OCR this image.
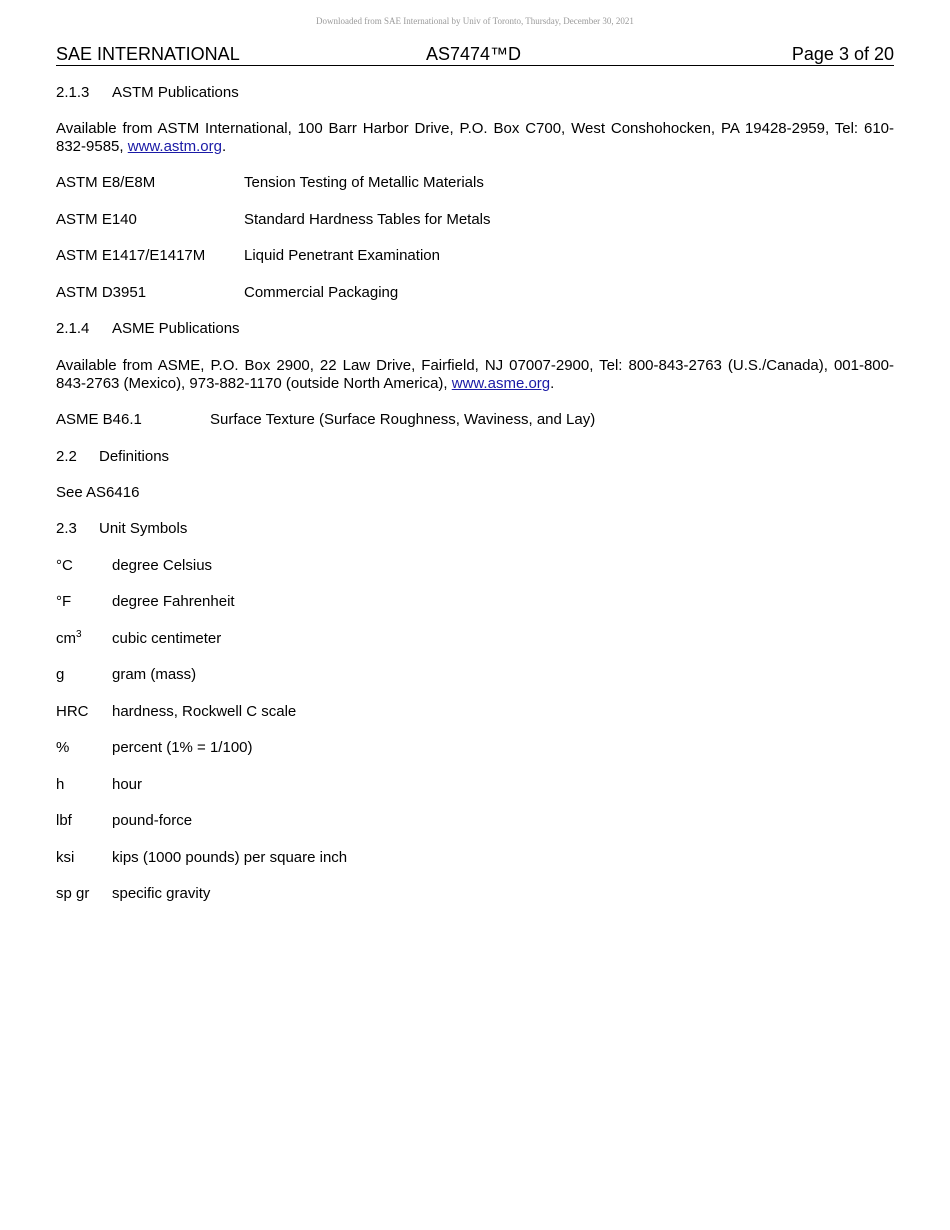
Downloaded from SAE International by Univ of Toronto, Thursday, December 30, 2021
SAE INTERNATIONAL	AS7474™D	Page 3 of 20
2.1.3 ASTM Publications
Available from ASTM International, 100 Barr Harbor Drive, P.O. Box C700, West Conshohocken, PA 19428-2959, Tel: 610-832-9585, www.astm.org.
ASTM E8/E8M	Tension Testing of Metallic Materials
ASTM E140	Standard Hardness Tables for Metals
ASTM E1417/E1417M	Liquid Penetrant Examination
ASTM D3951	Commercial Packaging
2.1.4 ASME Publications
Available from ASME, P.O. Box 2900, 22 Law Drive, Fairfield, NJ 07007-2900, Tel: 800-843-2763 (U.S./Canada), 001-800-843-2763 (Mexico), 973-882-1170 (outside North America), www.asme.org.
ASME B46.1	Surface Texture (Surface Roughness, Waviness, and Lay)
2.2 Definitions
See AS6416
2.3 Unit Symbols
°C	degree Celsius
°F	degree Fahrenheit
$cm^3$ cubic centimeter
g	gram (mass)
HRC hardness, Rockwell C scale
%	percent (1% = 1/100)
h	hour
lbf	pound-force
ksi	kips (1000 pounds) per square inch
sp gr specific gravity
